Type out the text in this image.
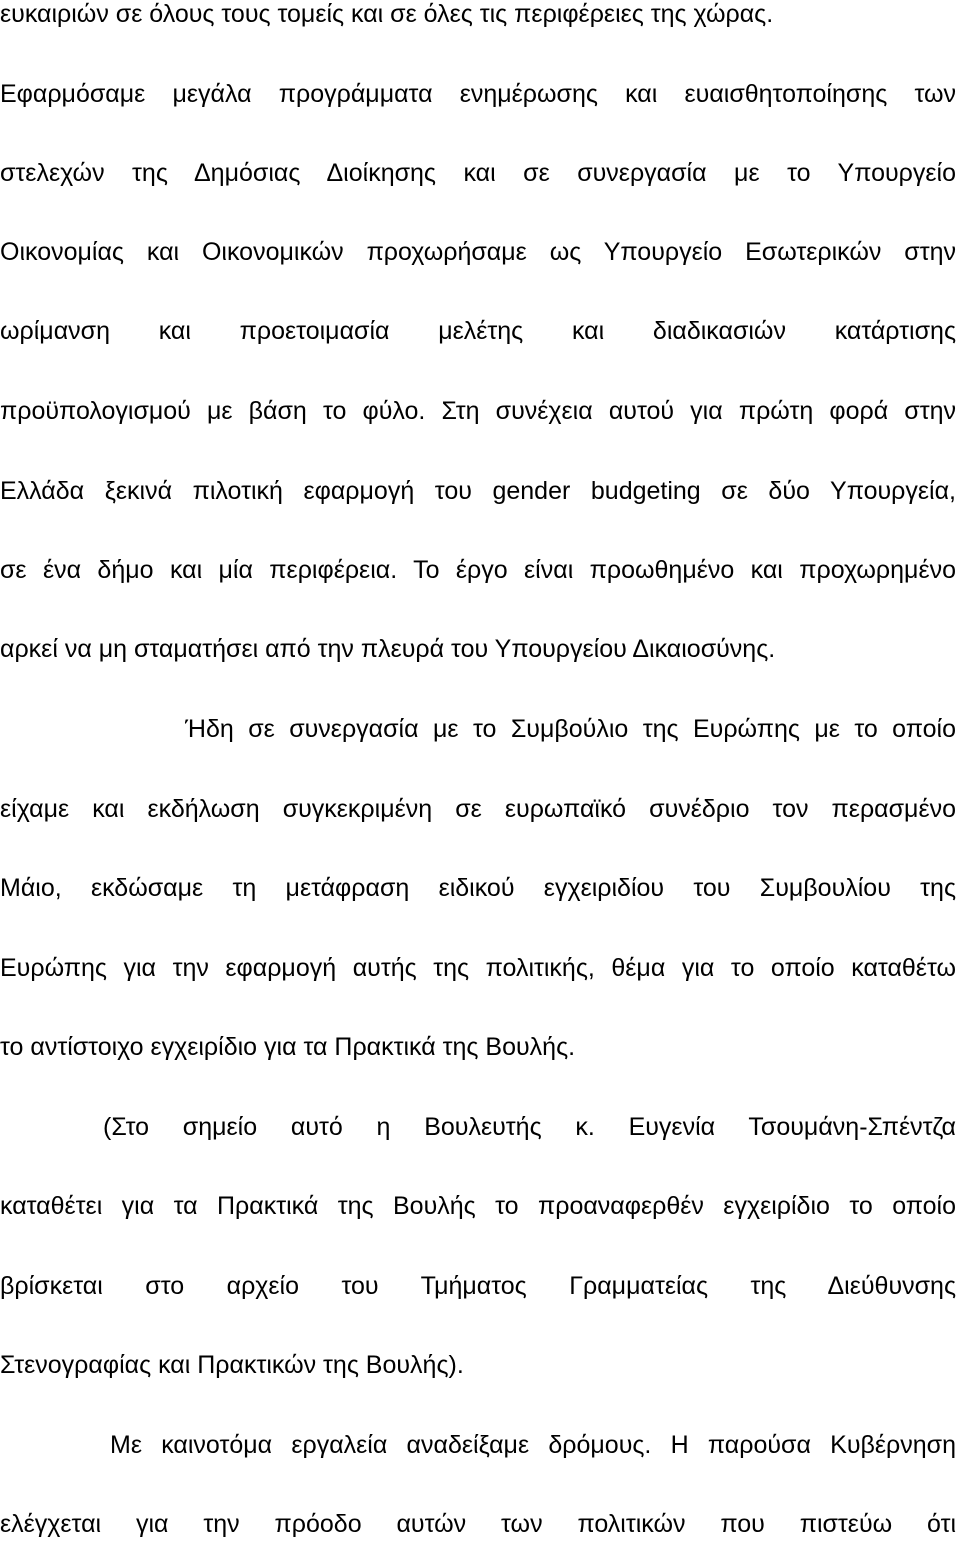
ευκαιριών σε όλους τους τομείς και σε όλες τις περιφέρειες της χώρας.
Εφαρμόσαμε μεγάλα προγράμματα ενημέρωσης και ευαισθητοποίησης των
στελεχών της Δημόσιας Διοίκησης και σε συνεργασία με το Υπουργείο
Οικονομίας και Οικονομικών προχωρήσαμε ως Υπουργείο Εσωτερικών στην
ωρίμανση και προετοιμασία μελέτης και διαδικασιών κατάρτισης
προϋπολογισμού με βάση το φύλο. Στη συνέχεια αυτού για πρώτη φορά στην
Ελλάδα ξεκινά πιλοτική εφαρμογή του gender budgeting σε δύο Υπουργεία,
σε ένα δήμο και μία περιφέρεια. Το έργο είναι προωθημένο και προχωρημένο
αρκεί να μη σταματήσει από την πλευρά του Υπουργείου Δικαιοσύνης.
Ήδη σε συνεργασία με το Συμβούλιο της Ευρώπης με το οποίο
είχαμε και εκδήλωση συγκεκριμένη σε ευρωπαϊκό συνέδριο τον περασμένο
Μάιο, εκδώσαμε τη μετάφραση ειδικού εγχειριδίου του Συμβουλίου της
Ευρώπης για την εφαρμογή αυτής της πολιτικής, θέμα για το οποίο καταθέτω
το αντίστοιχο εγχειρίδιο για τα Πρακτικά της Βουλής.
(Στο σημείο αυτό η Βουλευτής κ. Ευγενία Τσουμάνη-Σπέντζα
καταθέτει για τα Πρακτικά της Βουλής το προαναφερθέν εγχειρίδιο το οποίο
βρίσκεται στο αρχείο του Τμήματος Γραμματείας της Διεύθυνσης
Στενογραφίας και Πρακτικών της Βουλής).
Με καινοτόμα εργαλεία αναδείξαμε δρόμους. Η παρούσα Κυβέρνηση
ελέγχεται για την πρόοδο αυτών των πολιτικών που πιστεύω ότι
